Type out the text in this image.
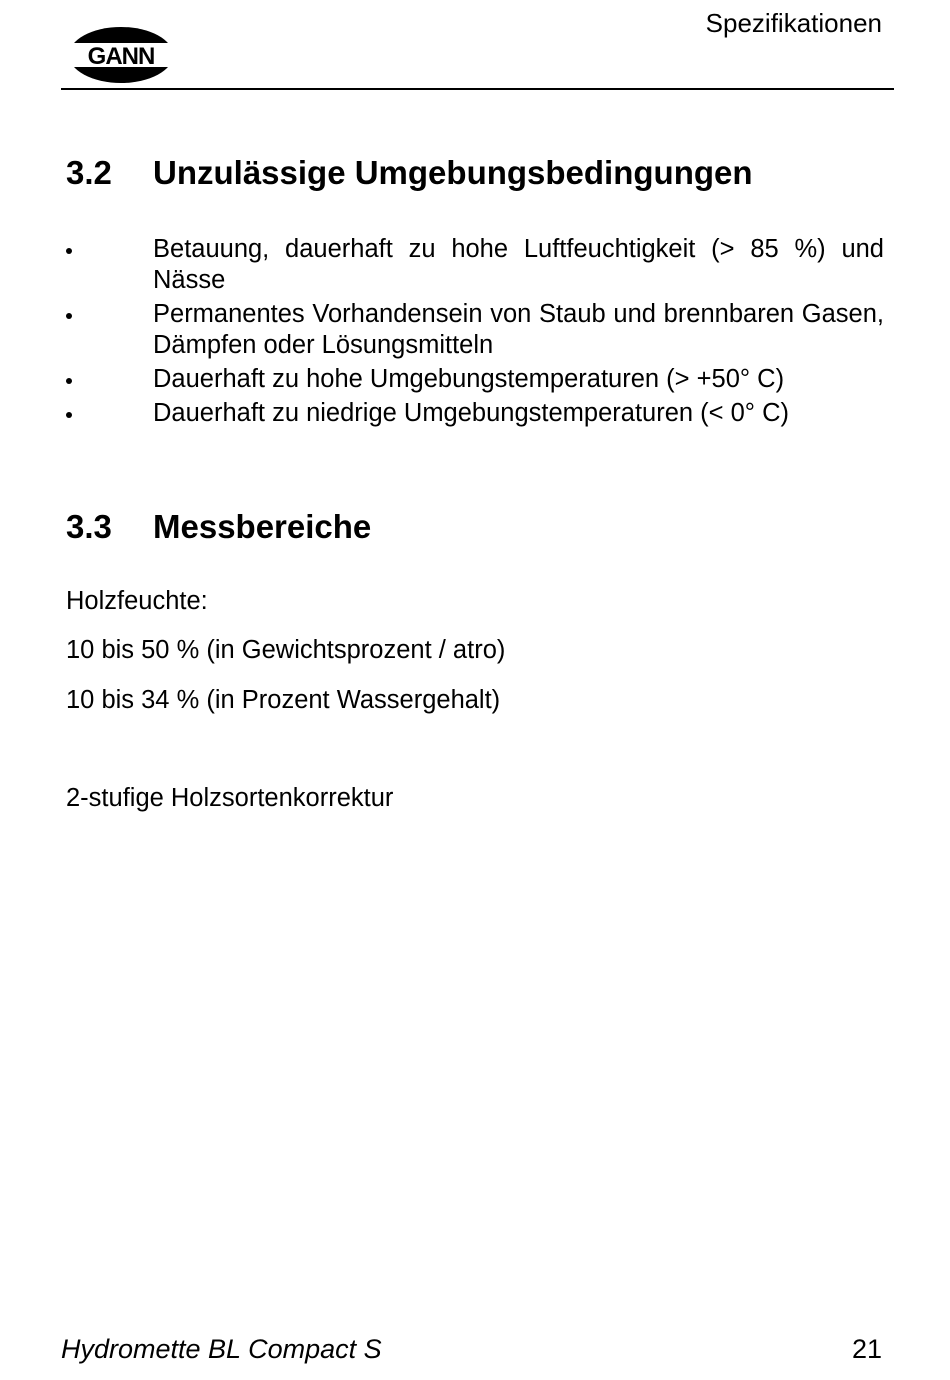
GANN
Spezifikationen
3.2 Unzulässige Umgebungsbedingungen
Betauung, dauerhaft zu hohe Luftfeuchtigkeit (> 85 %) und Nässe
Permanentes Vorhandensein von Staub und brennbaren Gasen, Dämpfen oder Lösungsmitteln
Dauerhaft zu hohe Umgebungstemperaturen (> +50° C)
Dauerhaft zu niedrige Umgebungstemperaturen (< 0° C)
3.3 Messbereiche
Holzfeuchte:
10 bis 50 % (in Gewichtsprozent / atro)
10 bis 34 % (in Prozent Wassergehalt)
2-stufige Holzsortenkorrektur
Hydromette BL Compact S	21
